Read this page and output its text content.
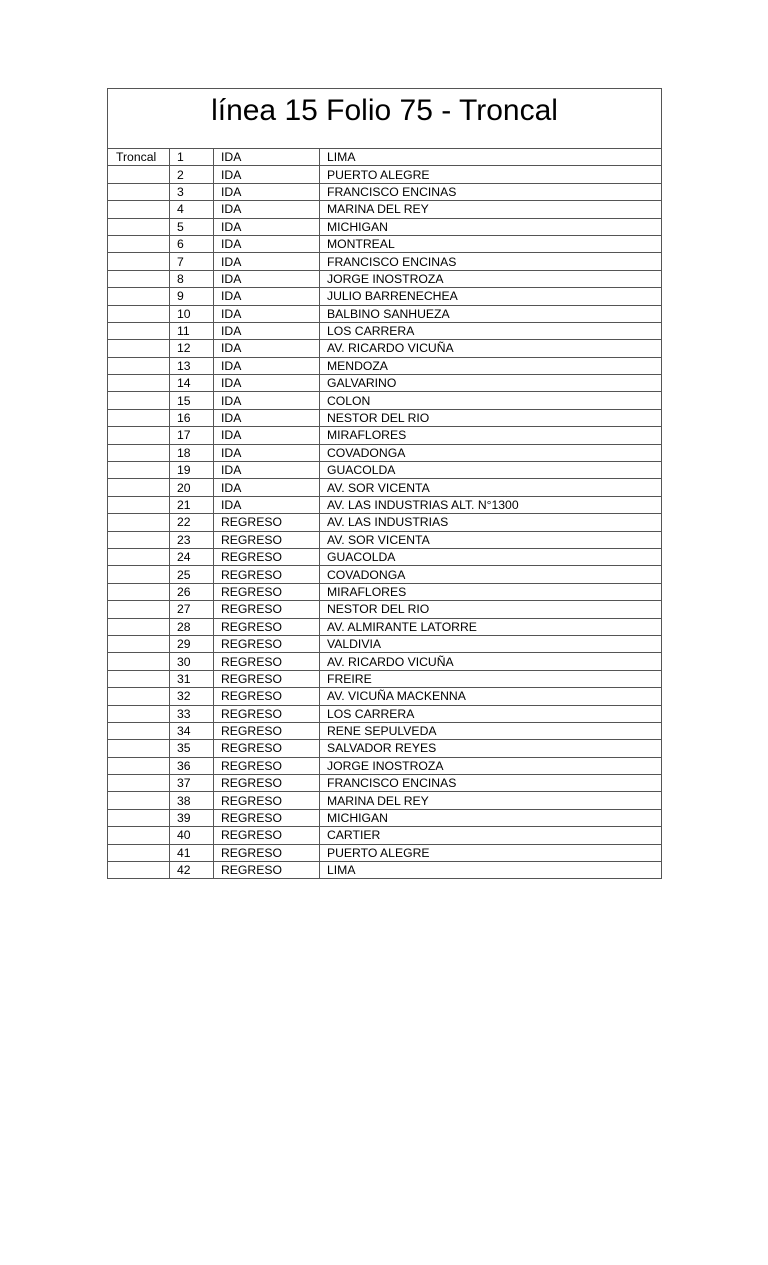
línea 15 Folio 75 - Troncal			
Troncal	1	IDA	LIMA
	2	IDA	PUERTO ALEGRE
	3	IDA	FRANCISCO ENCINAS
	4	IDA	MARINA DEL REY
	5	IDA	MICHIGAN
	6	IDA	MONTREAL
	7	IDA	FRANCISCO ENCINAS
	8	IDA	JORGE INOSTROZA
	9	IDA	JULIO BARRENECHEA
	10	IDA	BALBINO SANHUEZA
	11	IDA	LOS CARRERA
	12	IDA	AV. RICARDO VICUÑA
	13	IDA	MENDOZA
	14	IDA	GALVARINO
	15	IDA	COLON
	16	IDA	NESTOR DEL RIO
	17	IDA	MIRAFLORES
	18	IDA	COVADONGA
	19	IDA	GUACOLDA
	20	IDA	AV. SOR VICENTA
	21	IDA	AV. LAS INDUSTRIAS ALT. N°1300
	22	REGRESO	AV. LAS INDUSTRIAS
	23	REGRESO	AV. SOR VICENTA
	24	REGRESO	GUACOLDA
	25	REGRESO	COVADONGA
	26	REGRESO	MIRAFLORES
	27	REGRESO	NESTOR DEL RIO
	28	REGRESO	AV. ALMIRANTE LATORRE
	29	REGRESO	VALDIVIA
	30	REGRESO	AV. RICARDO VICUÑA
	31	REGRESO	FREIRE
	32	REGRESO	AV. VICUÑA MACKENNA
	33	REGRESO	LOS CARRERA
	34	REGRESO	RENE SEPULVEDA
	35	REGRESO	SALVADOR REYES
	36	REGRESO	JORGE INOSTROZA
	37	REGRESO	FRANCISCO ENCINAS
	38	REGRESO	MARINA DEL REY
	39	REGRESO	MICHIGAN
	40	REGRESO	CARTIER
	41	REGRESO	PUERTO ALEGRE
	42	REGRESO	LIMA
